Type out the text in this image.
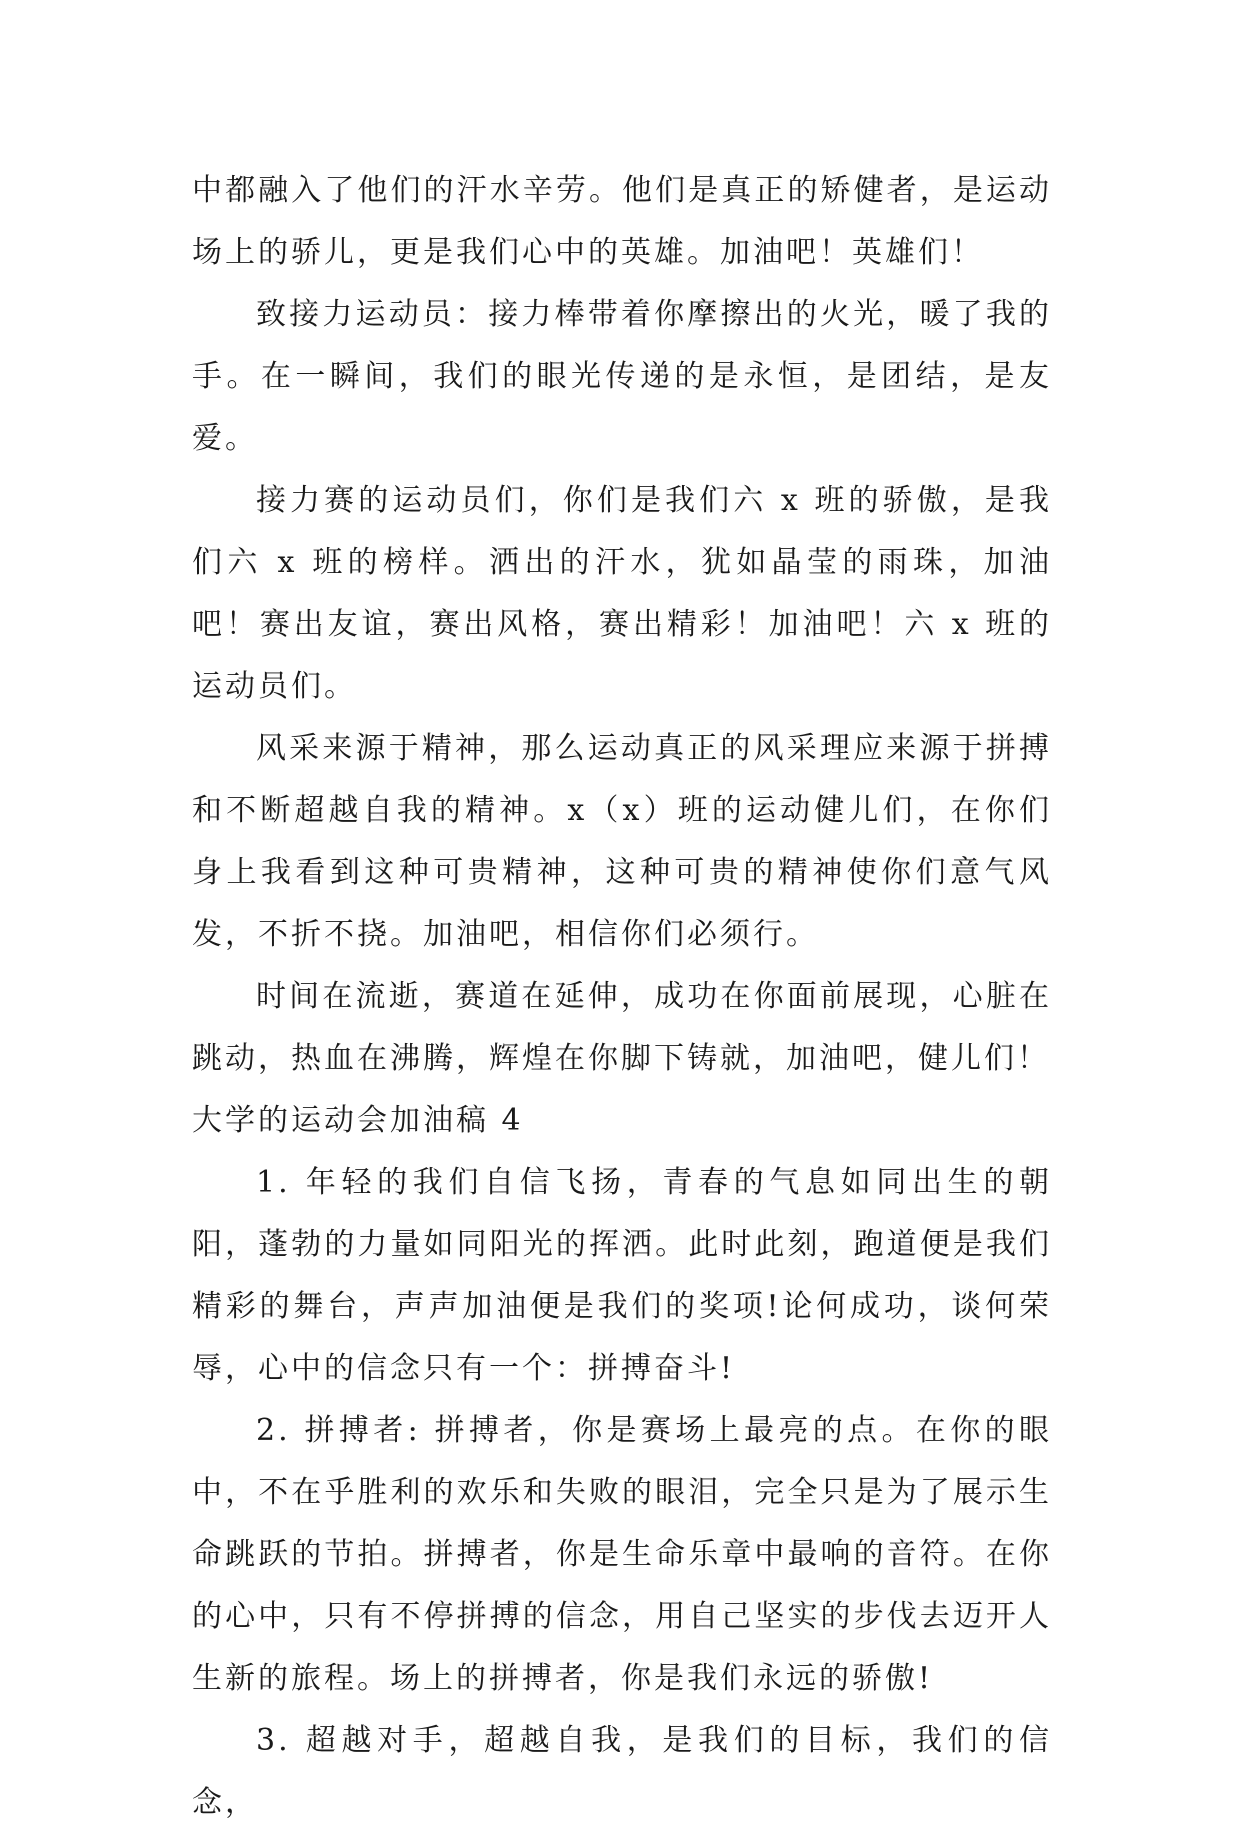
中都融入了他们的汗水辛劳。他们是真正的矫健者，是运动场上的骄儿，更是我们心中的英雄。加油吧！英雄们！

致接力运动员：接力棒带着你摩擦出的火光，暖了我的手。在一瞬间，我们的眼光传递的是永恒，是团结，是友爱。

接力赛的运动员们，你们是我们六 x 班的骄傲，是我们六 x 班的榜样。洒出的汗水，犹如晶莹的雨珠，加油吧！赛出友谊，赛出风格，赛出精彩！加油吧！六 x 班的运动员们。

风采来源于精神，那么运动真正的风采理应来源于拼搏和不断超越自我的精神。x（x）班的运动健儿们，在你们身上我看到这种可贵精神，这种可贵的精神使你们意气风发，不折不挠。加油吧，相信你们必须行。

时间在流逝，赛道在延伸，成功在你面前展现，心脏在跳动，热血在沸腾，辉煌在你脚下铸就，加油吧，健儿们！

大学的运动会加油稿 4

1. 年轻的我们自信飞扬，青春的气息如同出生的朝阳，蓬勃的力量如同阳光的挥洒。此时此刻，跑道便是我们精彩的舞台，声声加油便是我们的奖项!论何成功，谈何荣辱，心中的信念只有一个：拼搏奋斗!

2. 拼搏者: 拼搏者，你是赛场上最亮的点。在你的眼中，不在乎胜利的欢乐和失败的眼泪，完全只是为了展示生命跳跃的节拍。拼搏者，你是生命乐章中最响的音符。在你的心中，只有不停拼搏的信念，用自己坚实的步伐去迈开人生新的旅程。场上的拼搏者，你是我们永远的骄傲!

3. 超越对手，超越自我，是我们的目标，我们的信念，
